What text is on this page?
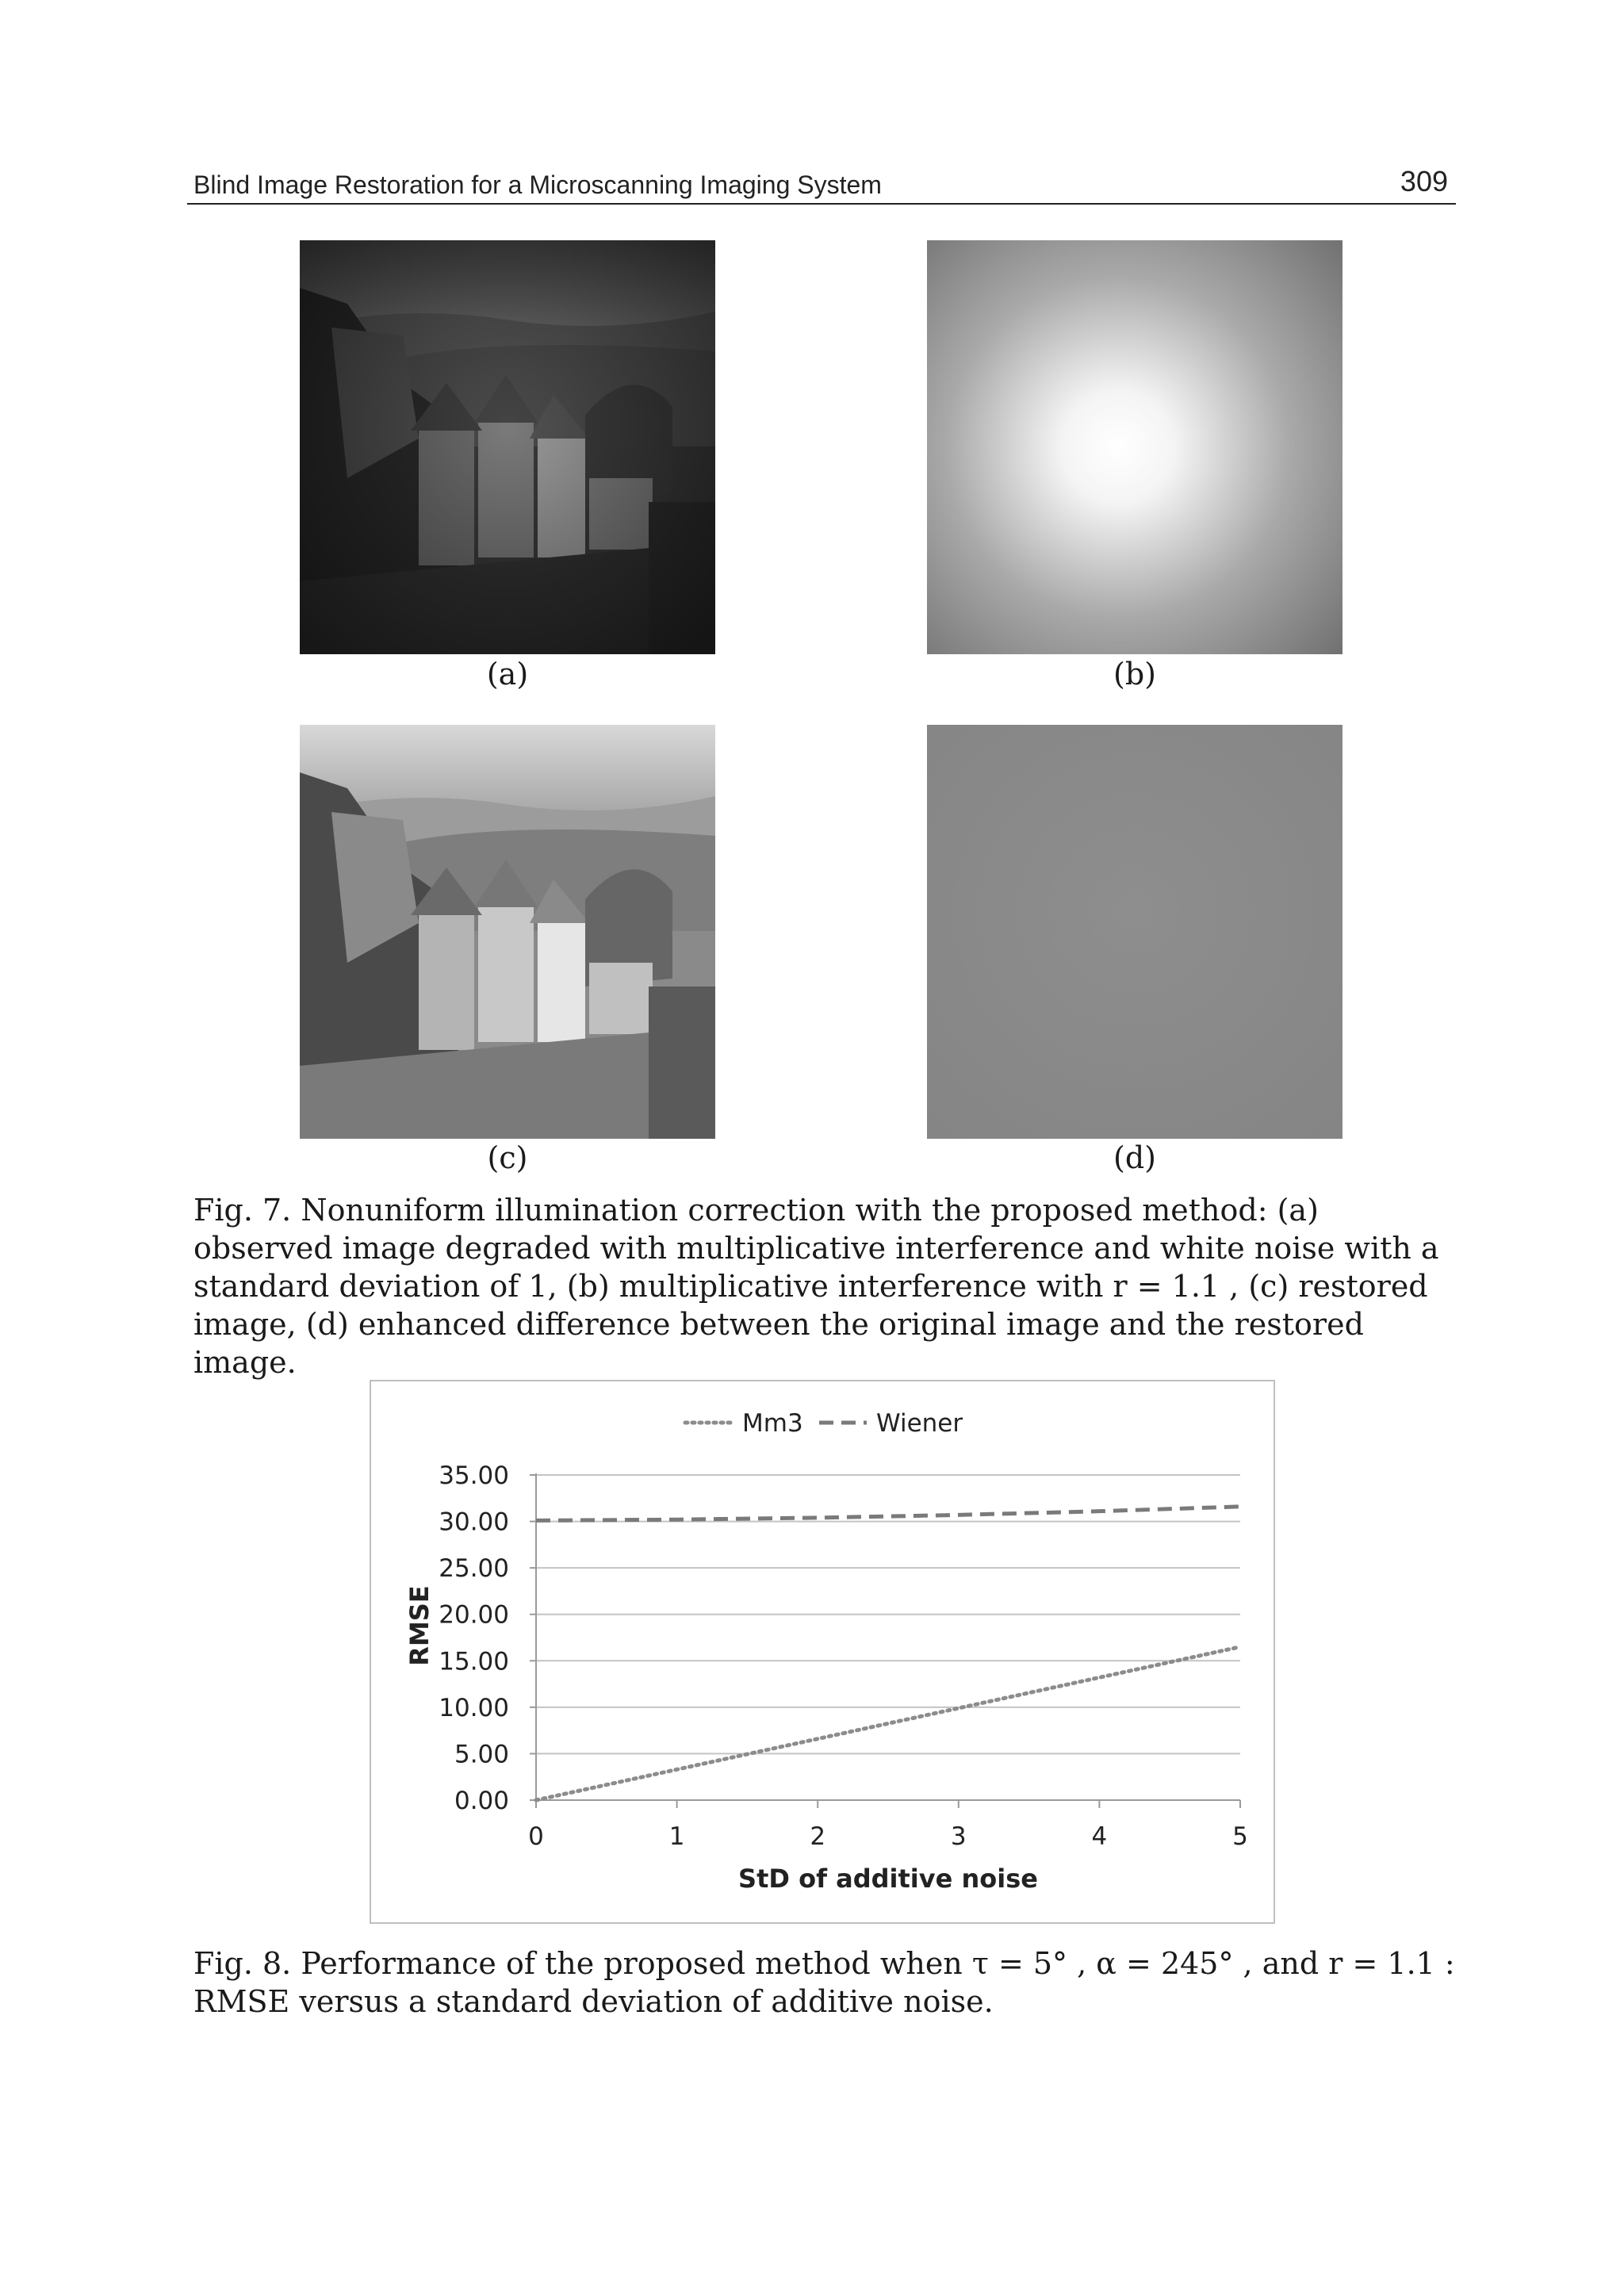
Blind Image Restoration for a Microscanning Imaging System	309
(a)	(b)
(c)	(d)
Fig. 7. Nonuniform illumination correction with the proposed method: (a) observed image degraded with multiplicative interference and white noise with a standard deviation of 1, (b) multiplicative interference with r = 1.1 , (c) restored image, (d) enhanced difference between the original image and the restored image.
0.00
5.00
10.00
15.00
20.00
25.00
30.00
35.00
0	1	2	3	4	5
Mm3	Wiener
RMSE
StD of additive noise
Fig. 8. Performance of the proposed method when τ = 5° , α = 245° , and r = 1.1 : RMSE versus a standard deviation of additive noise.
